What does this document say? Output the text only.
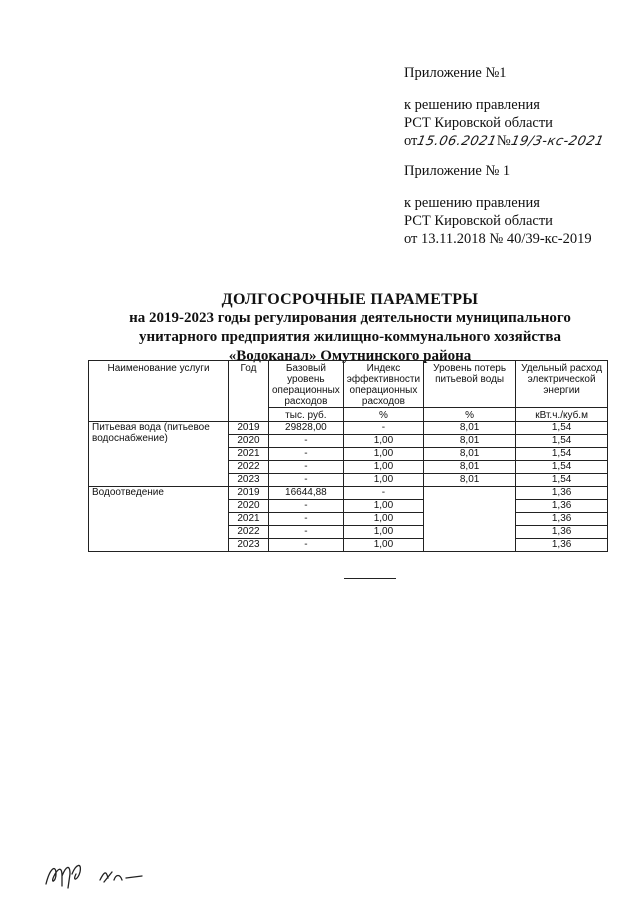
Приложение №1
к решению правления
РСТ Кировской области
от15.06.2021№19/3-кс-2021
Приложение № 1
к решению правления
РСТ Кировской области
от 13.11.2018 № 40/39-кс-2019
ДОЛГОСРОЧНЫЕ ПАРАМЕТРЫ
на 2019-2023 годы регулирования деятельности муниципального
унитарного предприятия жилищно-коммунального хозяйства
«Водоканал» Омутнинского района
Наименование услуги	Год	Базовый уровень операционных расходов	Индекс эффективности операционных расходов	Уровень потерь питьевой воды	Удельный расход электрической энергии
		тыс. руб.	%	%	кВт.ч./куб.м
Питьевая вода (питьевое водоснабжение)	2019	29828,00	-	8,01	1,54
	2020	-	1,00	8,01	1,54
	2021	-	1,00	8,01	1,54
	2022	-	1,00	8,01	1,54
	2023	-	1,00	8,01	1,54
Водоотведение	2019	16644,88	-		1,36
	2020	-	1,00		1,36
	2021	-	1,00		1,36
	2022	-	1,00		1,36
	2023	-	1,00		1,36
